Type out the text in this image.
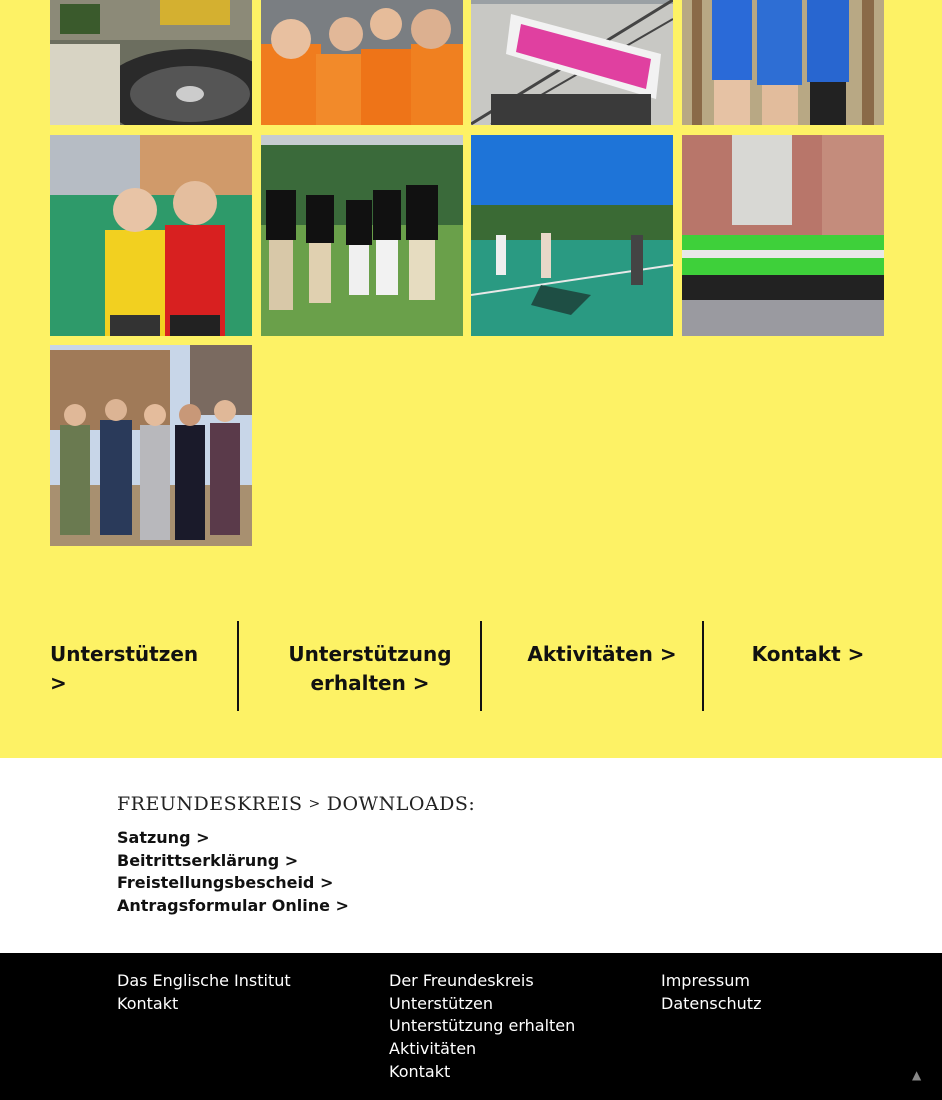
Unterstützen >
Unterstützung
erhalten >
Aktivitäten >	Kontakt >
FREUNDESKREIS > DOWNLOADS:
Satzung >
Beitrittserklärung >
Freistellungsbescheid >
Antragsformular Online >
Das Englische Institut
Kontakt
Der Freundeskreis
Unterstützen
Unterstützung erhalten
Aktivitäten
Kontakt
Impressum
Datenschutz
▲
